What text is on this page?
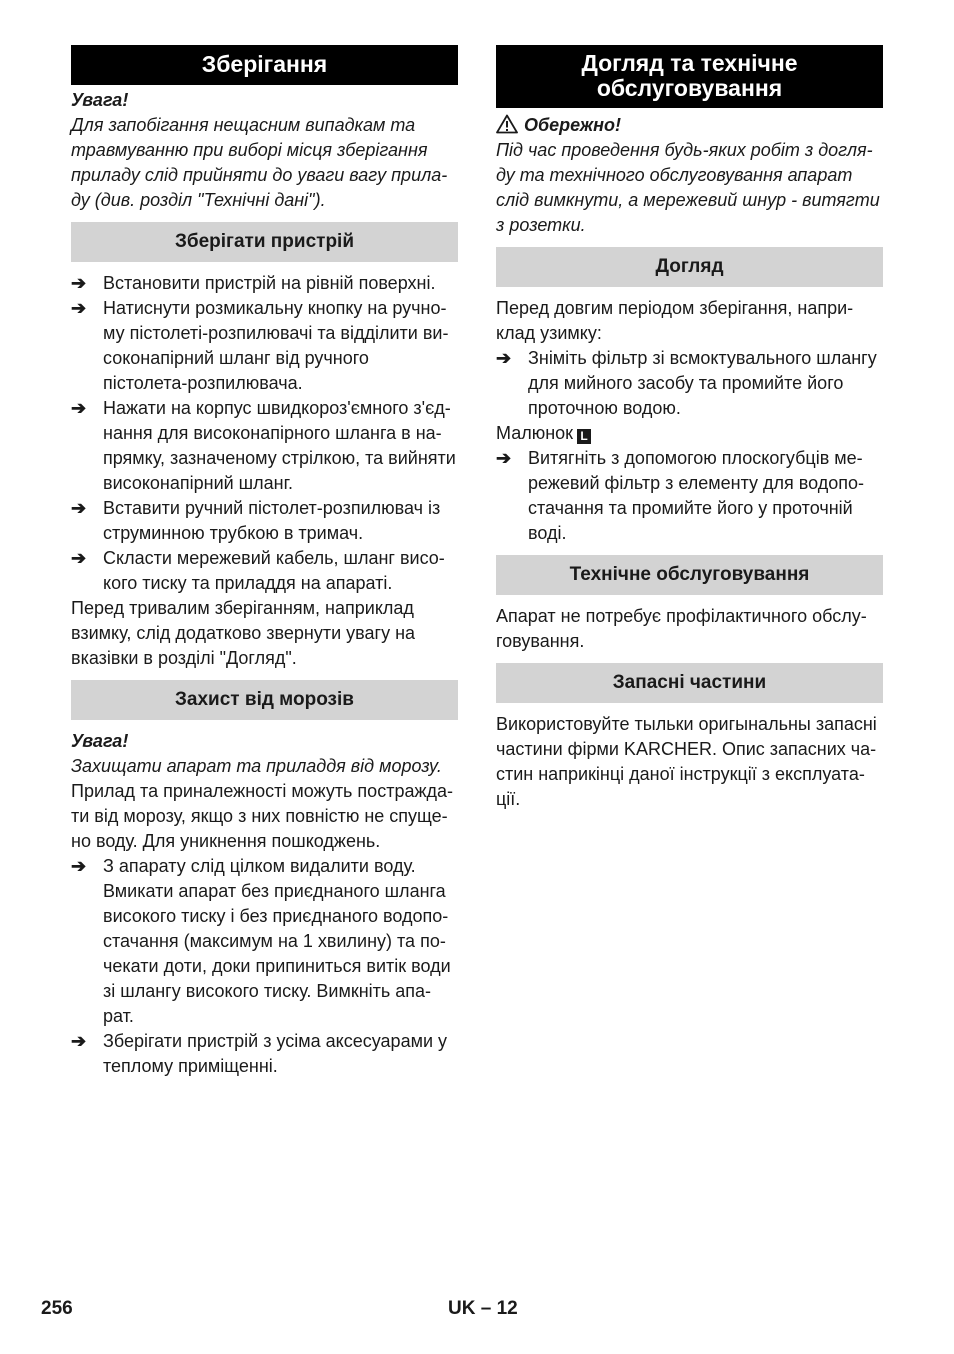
Зберігання

Увага!

Для запобігання нещасним випадкам та травмуванню при виборі місця зберігання приладу слід прийняти до уваги вагу прила-ду (див. розділ "Технічні дані").

Зберігати пристрій
➔ Встановити пристрій на рівній поверхні.
➔ Натиснути розмикальну кнопку на ручно-му пістолеті-розпилювачі та відділити ви-соконапірний шланг від ручного пістолета-розпилювача.
➔ Нажати на корпус швидкороз'ємного з'єд-нання для високонапірного шланга в на-прямку, зазначеному стрілкою, та вийняти високонапірний шланг.
➔ Вставити ручний пістолет-розпилювач із струминною трубкою в тримач.
➔ Скласти мережевий кабель, шланг висо-кого тиску та приладдя на апараті.

Перед тривалим зберіганням, наприклад взимку, слід додатково звернути увагу на вказівки в розділі "Догляд".

Захист від морозів

Увага!

Захищати апарат та приладдя від морозу.

Прилад та приналежності можуть постражда-ти від морозу, якщо з них повністю не спуще-но воду. Для уникнення пошкоджень.

➔ З апарату слід цілком видалити воду. Вмикати апарат без приєднаного шланга високого тиску і без приєднаного водопо-стачання (максимум на 1 хвилину) та по-чекати доти, доки припиниться витік води зі шлангу високого тиску. Вимкніть апа-рат.
➔ Зберігати пристрій з усіма аксесуарами у теплому приміщенні.
Догляд та технічне
обслуговування

Обережно!

Під час проведення будь-яких робіт з догля-ду та технічного обслуговування апарат слід вимкнути, а мережевий шнур - витягти з розетки.

Догляд

Перед довгим періодом зберігання, напри-клад узимку:

➔ Зніміть фільтр зі всмоктувального шлангу для мийного засобу та промийте його проточною водою.

Малюнок L

➔ Витягніть з допомогою плоскогубців ме-режевий фільтр з елементу для водопо-стачання та промийте його у проточній воді.
Технічне обслуговування

Апарат не потребує профілактичного обслу-говування.

Запасні частини

Використовуйте тыльки оригынальны запасні частини фірми KARCHER. Опис запасних ча-стин наприкінці даної інструкції з експлуата-ції.

256	UK – 12
